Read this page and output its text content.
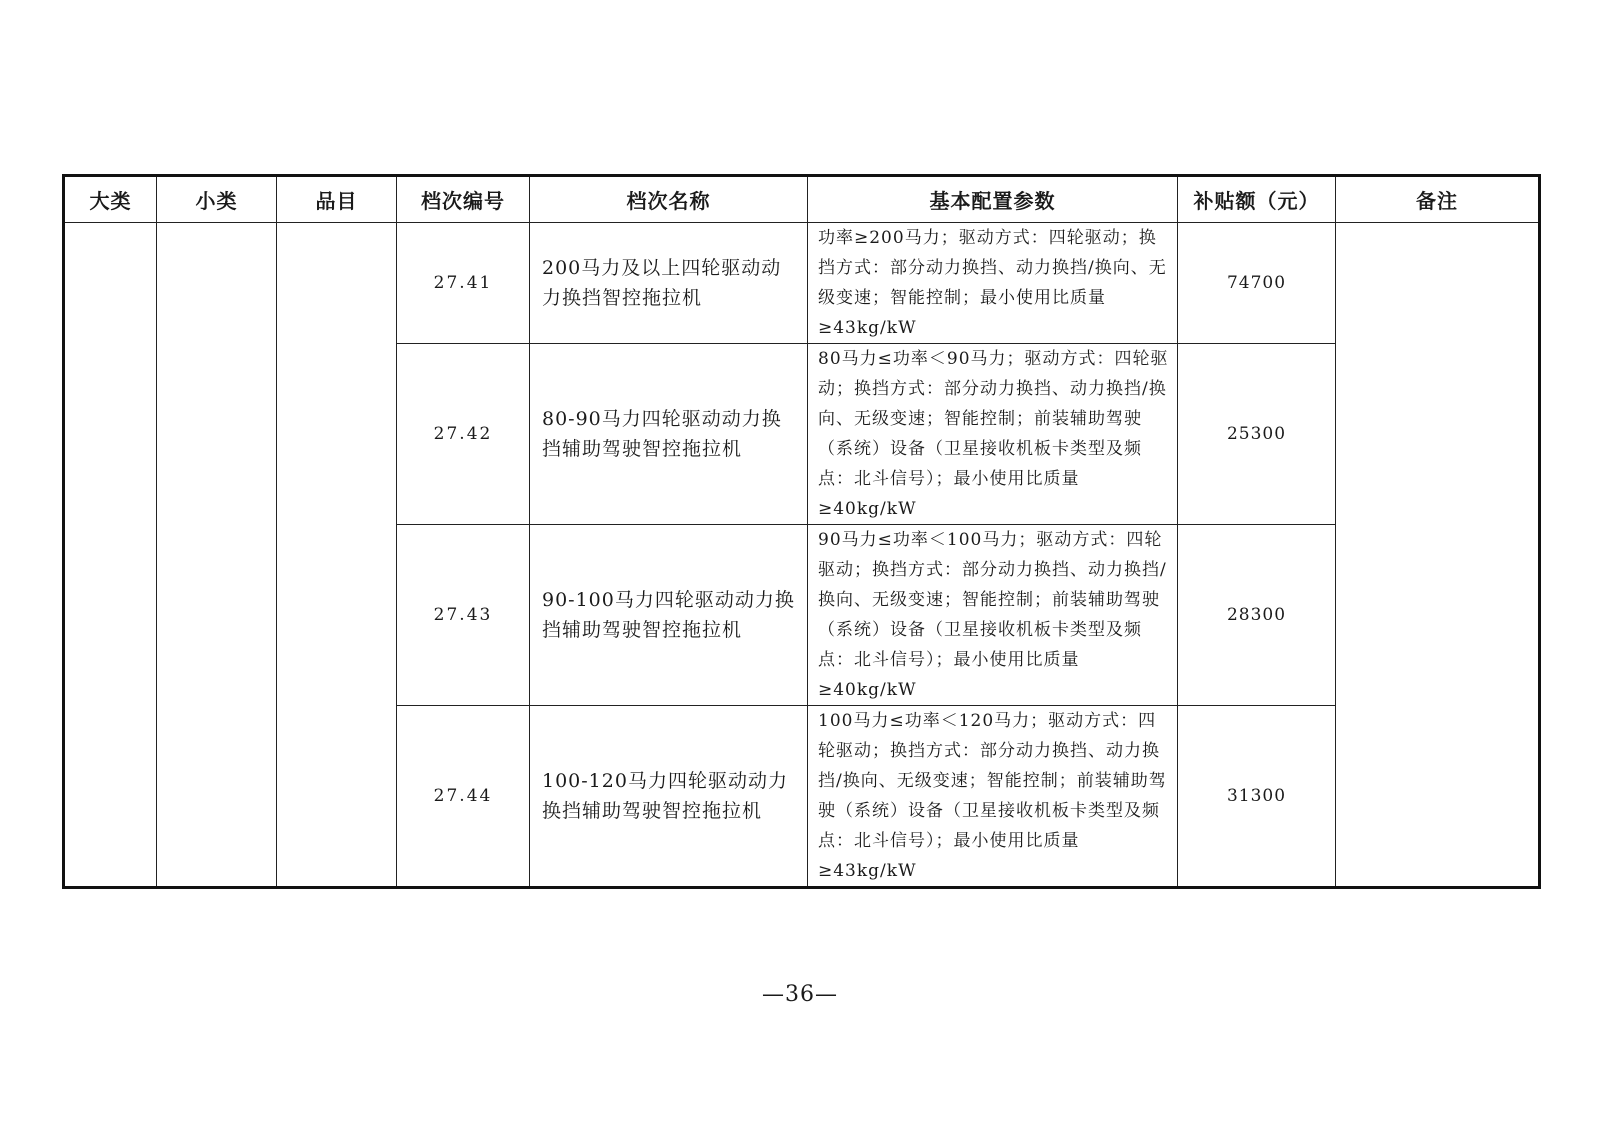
大类	小类	品目	档次编号	档次名称	基本配置参数	补贴额（元）	备注
			27.41	200马力及以上四轮驱动动力换挡智控拖拉机	功率≥200马力；驱动方式：四轮驱动；换挡方式：部分动力换挡、动力换挡/换向、无级变速；智能控制；最小使用比质量≥43kg/kW	74700	
			27.42	80-90马力四轮驱动动力换挡辅助驾驶智控拖拉机	80马力≤功率＜90马力；驱动方式：四轮驱动；换挡方式：部分动力换挡、动力换挡/换向、无级变速；智能控制；前装辅助驾驶（系统）设备（卫星接收机板卡类型及频点：北斗信号）；最小使用比质量≥40kg/kW	25300	
			27.43	90-100马力四轮驱动动力换挡辅助驾驶智控拖拉机	90马力≤功率＜100马力；驱动方式：四轮驱动；换挡方式：部分动力换挡、动力换挡/换向、无级变速；智能控制；前装辅助驾驶（系统）设备（卫星接收机板卡类型及频点：北斗信号）；最小使用比质量≥40kg/kW	28300	
			27.44	100-120马力四轮驱动动力换挡辅助驾驶智控拖拉机	100马力≤功率＜120马力；驱动方式：四轮驱动；换挡方式：部分动力换挡、动力换挡/换向、无级变速；智能控制；前装辅助驾驶（系统）设备（卫星接收机板卡类型及频点：北斗信号）；最小使用比质量≥43kg/kW	31300	
—36—
